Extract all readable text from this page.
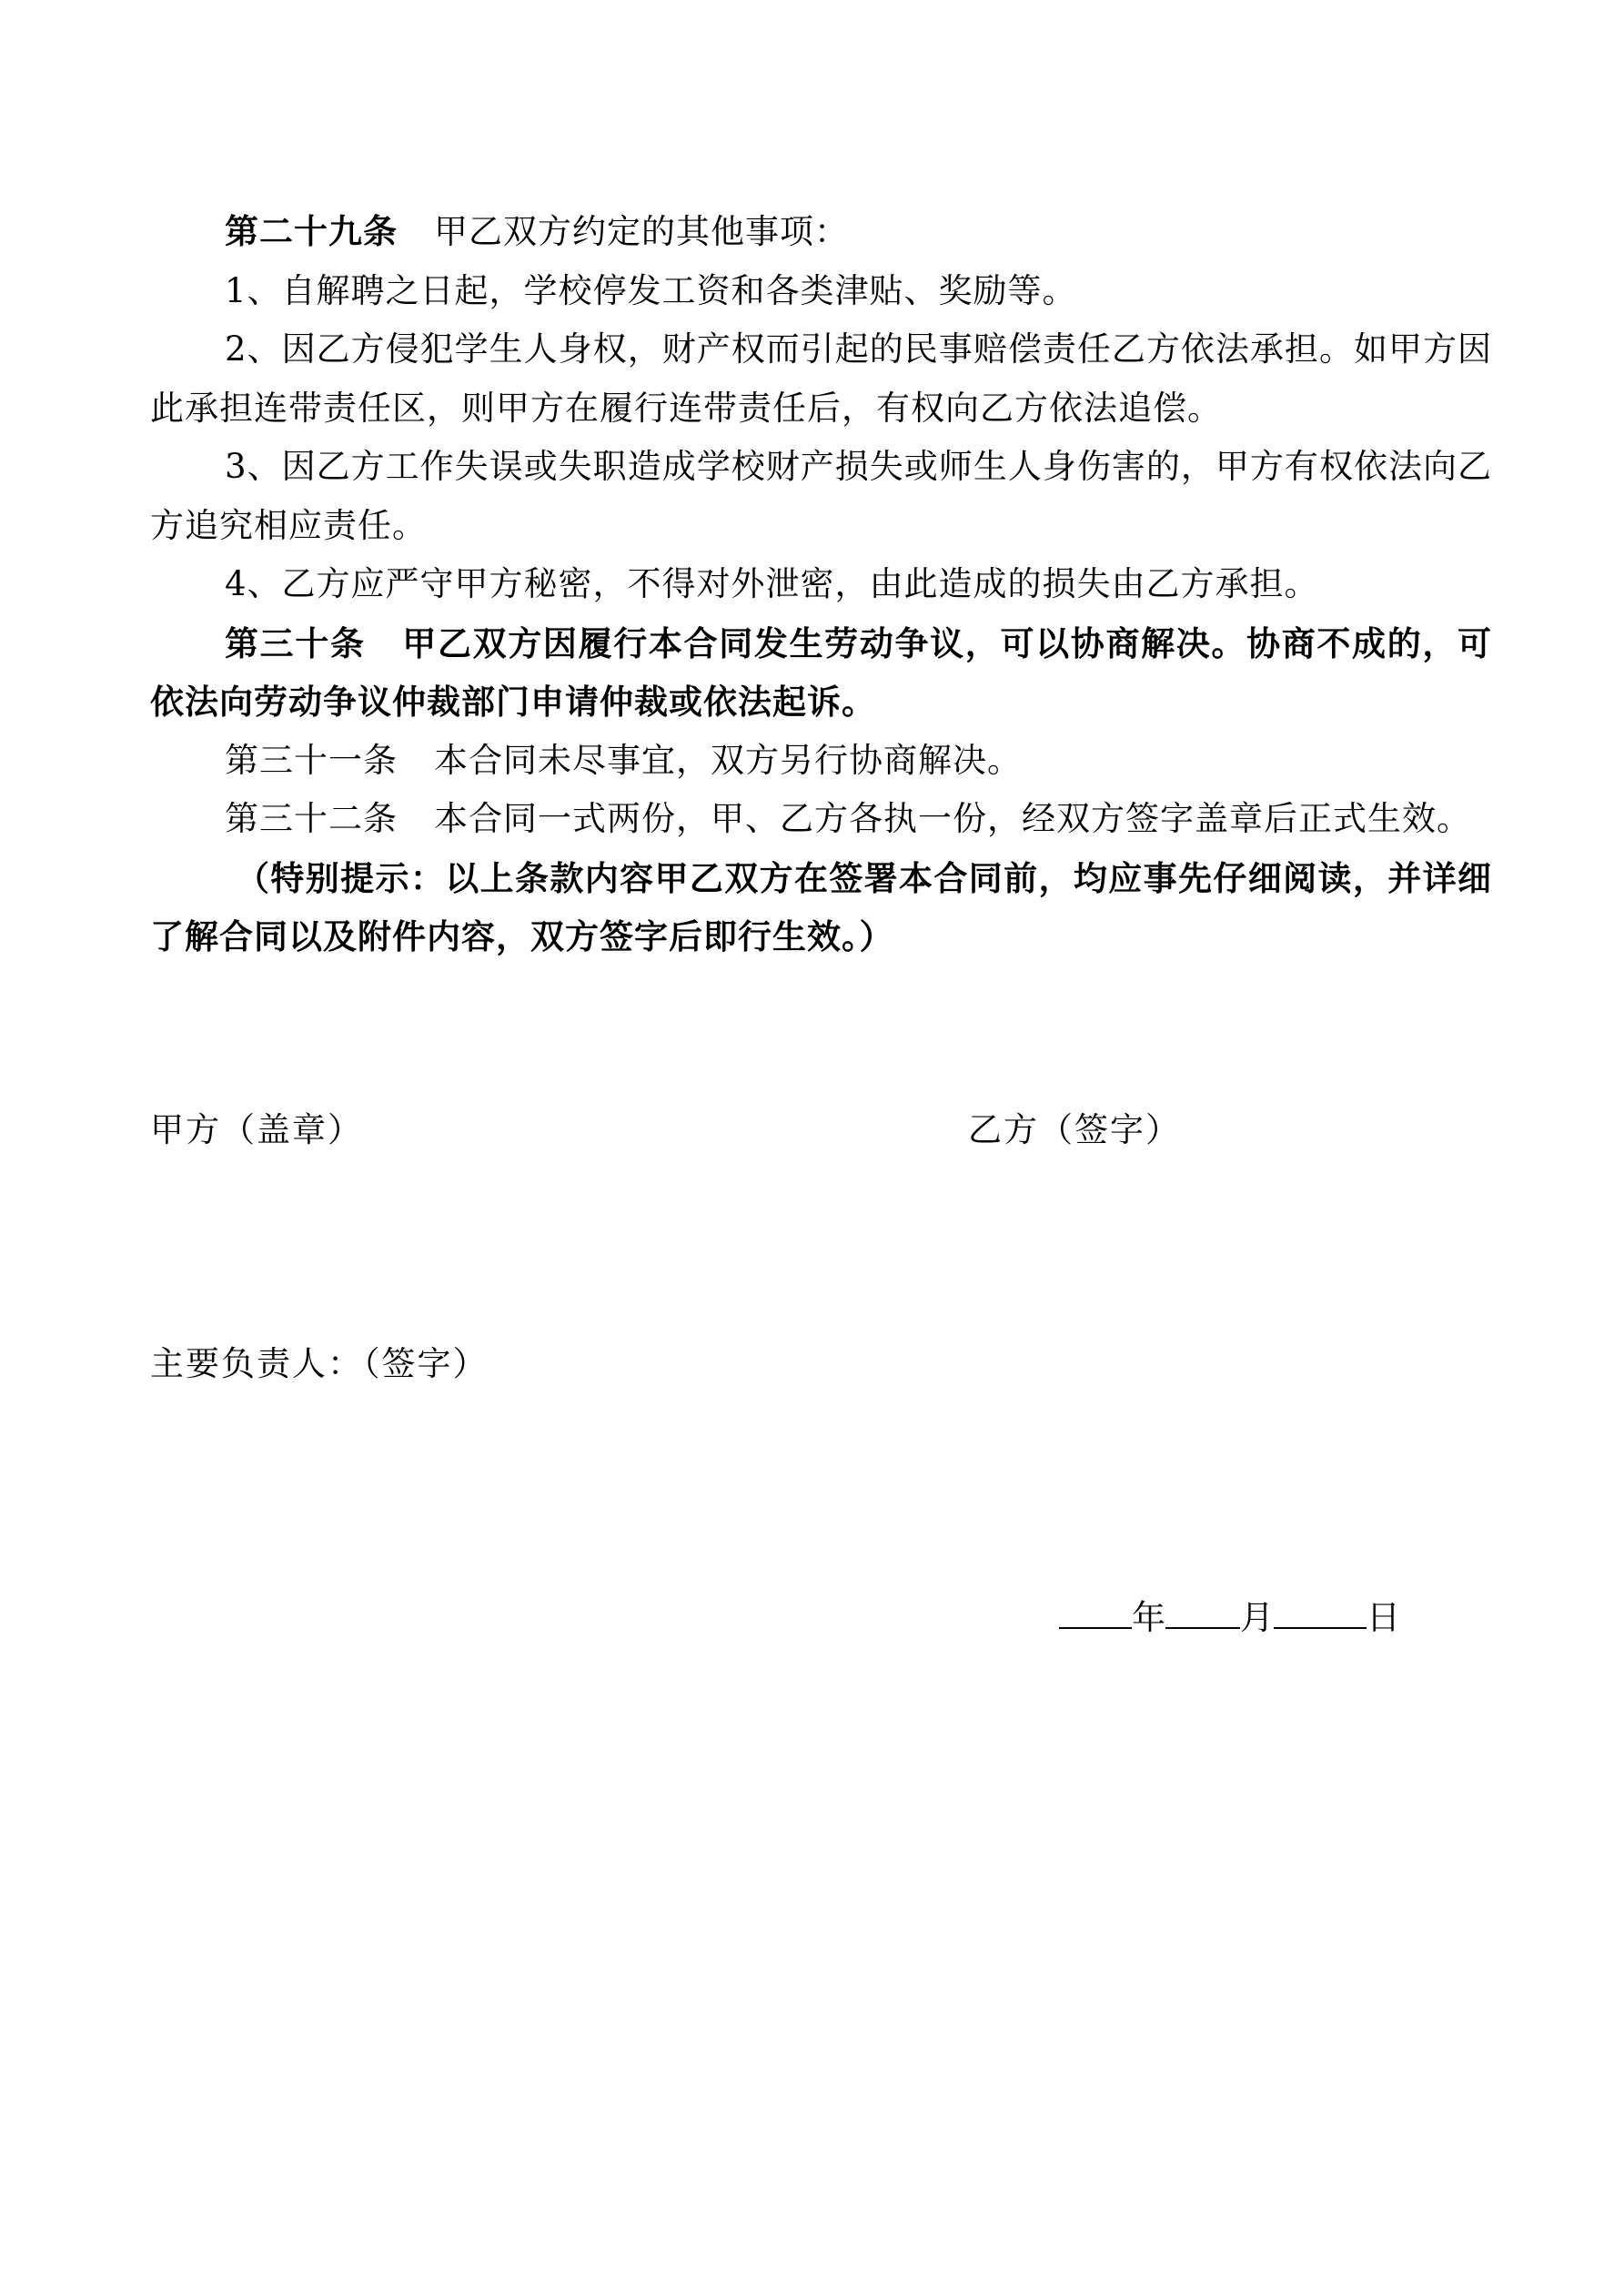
第二十九条 甲乙双方约定的其他事项：

1、自解聘之日起，学校停发工资和各类津贴、奖励等。

2、因乙方侵犯学生人身权，财产权而引起的民事赔偿责任乙方依法承担。如甲方因此承担连带责任区，则甲方在履行连带责任后，有权向乙方依法追偿。

3、因乙方工作失误或失职造成学校财产损失或师生人身伤害的，甲方有权依法向乙方追究相应责任。

4、乙方应严守甲方秘密，不得对外泄密，由此造成的损失由乙方承担。

第三十条 甲乙双方因履行本合同发生劳动争议，可以协商解决。协商不成的，可依法向劳动争议仲裁部门申请仲裁或依法起诉。

第三十一条 本合同未尽事宜，双方另行协商解决。

第三十二条 本合同一式两份，甲、乙方各执一份，经双方签字盖章后正式生效。

（特别提示：以上条款内容甲乙双方在签署本合同前，均应事先仔细阅读，并详细了解合同以及附件内容，双方签字后即行生效。）

甲方（盖章）	乙方（签字）
主要负责人：（签字）
年 月	日
